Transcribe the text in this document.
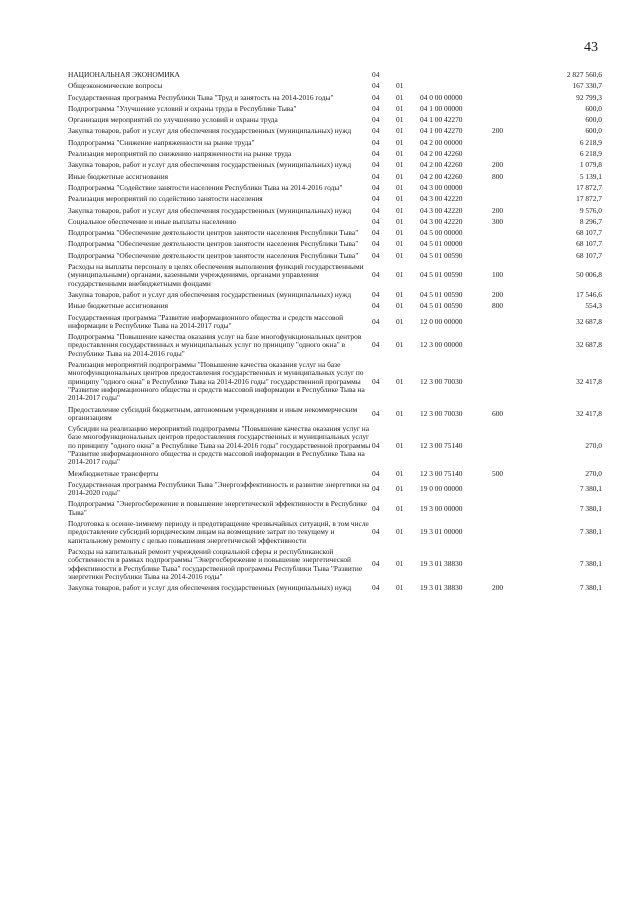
43
НАЦИОНАЛЬНАЯ ЭКОНОМИКА	04				2 827 560,6
Общеэкономические вопросы	04	01			167 330,7
Государственная программа Республики Тыва "Труд и занятость на 2014-2016 годы"	04	01	04 0 00 00000		92 799,3
Подпрограмма "Улучшение условий и охраны труда в Республике Тыва"	04	01	04 1 00 00000		600,0
Организация мероприятий по улучшению условий и охраны труда	04	01	04 1 00 42270		600,0
Закупка товаров, работ и услуг для обеспечения государственных (муниципальных) нужд	04	01	04 1 00 42270	200	600,0
Подпрограмма "Снижение напряженности на рынке труда"	04	01	04 2 00 00000		6 218,9
Реализация мероприятий по снижению напряженности на рынке труда	04	01	04 2 00 42260		6 218,9
Закупка товаров, работ и услуг для обеспечения государственных (муниципальных) нужд	04	01	04 2 00 42260	200	1 079,8
Иные бюджетные ассигнования	04	01	04 2 00 42260	800	5 139,1
Подпрограмма "Содействие занятости населения Республики Тыва на 2014-2016 годы"	04	01	04 3 00 00000		17 872,7
Реализация мероприятий по содействию занятости населения	04	01	04 3 00 42220		17 872,7
Закупка товаров, работ и услуг для обеспечения государственных (муниципальных) нужд	04	01	04 3 00 42220	200	9 576,0
Социальное обеспечение и иные выплаты населению	04	01	04 3 00 42220	300	8 296,7
Подпрограмма "Обеспечение деятельности центров занятости населения Республики Тыва"	04	01	04 5 00 00000		68 107,7
Подпрограмма "Обеспечение деятельности центров занятости населения Республики Тыва"	04	01	04 5 01 00000		68 107,7
Подпрограмма "Обеспечение деятельности центров занятости населения Республики Тыва"	04	01	04 5 01 00590		68 107,7
Расходы на выплаты персоналу в целях обеспечения выполнения функций государственными (муниципальными) органами, казенными учреждениями, органами управления государственными внебюджетными фондами	04	01	04 5 01 00590	100	50 006,8
Закупка товаров, работ и услуг для обеспечения государственных (муниципальных) нужд	04	01	04 5 01 00590	200	17 546,6
Иные бюджетные ассигнования	04	01	04 5 01 00590	800	554,3
Государственная программа "Развитие информационного общества и средств массовой информации в Республике Тыва на 2014-2017 годы"	04	01	12 0 00 00000		32 687,8
Подпрограмма "Повышение качества оказания услуг на базе многофункциональных центров предоставления государственных и муниципальных услуг по принципу "одного окна" в Республике Тыва на 2014-2016 годы"	04	01	12 3 00 00000		32 687,8
Реализация мероприятий подпрограммы "Повышение качества оказания услуг на базе многофункциональных центров предоставления государственных и муниципальных услуг по принципу "одного окна" в Республике Тыва на 2014-2016 годы" государственной программы "Развитие информационного общества и средств массовой информации в Республике Тыва на 2014-2017 годы"	04	01	12 3 00 70030		32 417,8
Предоставление субсидий бюджетным, автономным учреждениям и иным некоммерческим организациям	04	01	12 3 00 70030	600	32 417,8
Субсидии на реализацию мероприятий подпрограммы "Повышение качества оказания услуг на базе многофункциональных центров предоставления государственных и муниципальных услуг по принципу "одного окна" в Республике Тыва на 2014-2016 годы" государственной программы "Развитие информационного общества и средств массовой информации в Республике Тыва на 2014-2017 годы"	04	01	12 3 00 75140		270,0
Межбюджетные трансферты	04	01	12 3 00 75140	500	270,0
Государственная программа Республики Тыва "Энергоэффективность и развитие энергетики на 2014-2020 годы"	04	01	19 0 00 00000		7 380,1
Подпрограмма "Энергосбережение и повышение энергетической эффективности в Республике Тыва"	04	01	19 3 00 00000		7 380,1
Подготовка к осенне-зимнему периоду и предотвращение чрезвычайных ситуаций, в том числе предоставление субсидий юридическим лицам на возмещение затрат по текущему и капитальному ремонту с целью повышения энергетической эффективности	04	01	19 3 01 00000		7 380,1
Расходы на капитальный ремонт учреждений социальной сферы и республиканской собственности в рамках подпрограммы "Энергосбережение и повышение энергетической эффективности в Республике Тыва" государственной программы Республики Тыва "Развитие энергетики Республики Тыва на 2014-2016 годы"	04	01	19 3 01 38830		7 380,1
Закупка товаров, работ и услуг для обеспечения государственных (муниципальных) нужд	04	01	19 3 01 38830	200	7 380,1
